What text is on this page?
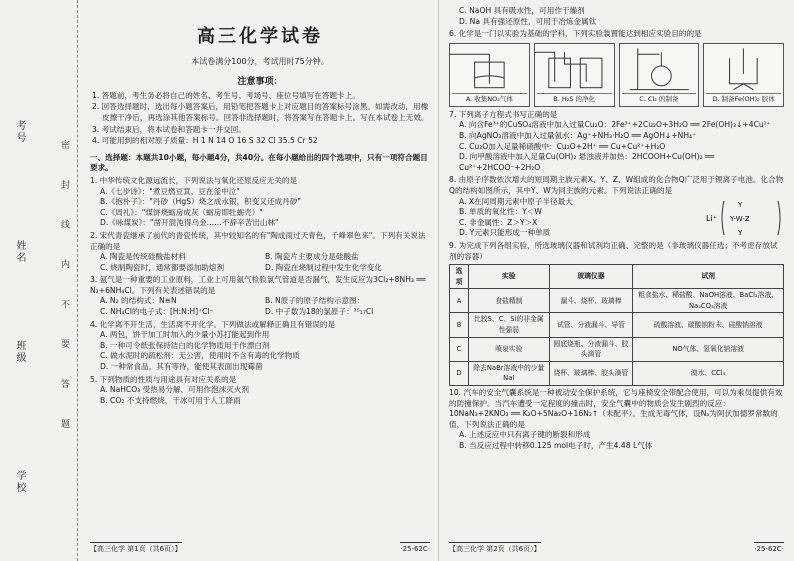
考号
姓名
班级
学校
密 封 线 内 不 要 答 题
高三化学试卷
本试卷满分100分，考试用时75分钟。
注意事项：
1. 答题前，考生务必将自己的姓名、考生号、考场号、座位号填写在答题卡上。
2. 回答选择题时，选出每小题答案后，用铅笔把答题卡上对应题目的答案标号涂黑。如需改动，用橡皮擦干净后，再选涂其他答案标号。回答非选择题时，将答案写在答题卡上。写在本试卷上无效。
3. 考试结束后，将本试卷和答题卡一并交回。
4. 可能用到的相对原子质量：H 1 N 14 O 16 S 32 Cl 35.5 Cr 52
一、选择题：本题共10小题，每小题4分，共40分。在每小题给出的四个选项中，只有一项符合题目要求。
1. 中华传统文化源远流长，下列说法与氧化还原反应无关的是
A.《七步诗》："煮豆燃豆萁，豆在釜中泣"
B.《抱朴子》："丹砂（HgS）烧之成水银，积变又还成丹砂"
C.《周礼》："煤饼烧蛎房成灰（蛎房即牡蛎壳）"
D.《咏煤炭》："凿开混沌得乌金……不辞辛苦出山林"
2. 宋代青瓷继承了前代的青瓷传统，其中较知名的有"陶成雨过天青色，千峰翠色来"。下列有关说法正确的是
A. 陶瓷是传统硅酸盐材料	B. 陶瓷片主要成分是硅酸盐
C. 烧制陶瓷时，通常都要添加助熔剂	D. 陶瓷在烧制过程中发生化学变化
3. 氨气是一种重要的工业原料，工业上可用氨气检验氯气管道是否漏气，发生反应为3Cl₂+8NH₃ ══ N₂+6NH₄Cl。下列有关表述错误的是
A. N₂ 的结构式：N≡N	B. N原子的原子结构示意图：
C. NH₄Cl的电子式：[H:N:H]⁺Cl⁻	D. 中子数为18的氯原子：³⁵₁₇Cl
4. 化学离不开生活，生活离不开化学。下列做法或解释正确且有错误的是
A. 两包，饼干加工时加入的少量小苏打能起到作用
B. 一种可令纸张保持洁白的化学物质用于作漂白剂
C. 做水泥时的疏松剂：无公害，使用时不含有毒的化学物质
D. 一种常食品，其有等待，能使其表面出现霉菌
5. 下列物质的性质与用途具有对应关系的是
A. NaHCO₃ 受热易分解，可用作泡沫灭火剂
B. CO₂ 不支持燃烧，干冰可用于人工降雨
【高三化学 第1页（共6页）】	·25-62C·
C. NaOH 具有吸水性，可用作干燥剂
D. Na 具有强还原性，可用于冶炼金属钛
6. 化学是一门以实验为基础的学科，下列实验装置能达到相应实验目的的是
A. 收集NO₂气体	B. H₂S 的净化	C. Cl₂ 的制备	D. 制备Fe(OH)₂ 胶体
7. 下列离子方程式书写正确的是
A. 向含Fe³⁺的CuSO₄溶液中加入过量Cu₂O：2Fe³⁺+2Cu₂O+3H₂O ══ 2Fe(OH)₃↓+4Cu²⁺
B. 向AgNO₃溶液中加入过量氨水：Ag⁺+NH₃·H₂O ══ AgOH↓+NH₄⁺
C. Cu₂O加入足量稀硝酸中：Cu₂O+2H⁺ ══ Cu+Cu²⁺+H₂O
D. 向甲酸溶液中加入足量Cu(OH)₂ 悬浊液并加热：2HCOOH+Cu(OH)₂ ══ Cu²⁺+2HCOO⁻+2H₂O
8. 由原子序数依次增大的短周期主族元素X、Y、Z、W组成的化合物Q广泛用于锂离子电池。化合物Q的结构如图所示，其中Y、W为同主族的元素。下列说法正确的是
A. X在同周期元素中原子半径最大
B. 单质的氧化性：Y＜W
C. 非金属性：Z＞Y＞X
D. Y元素只能形成一种单质
Li⁺
Y
Y-W-Z
Y
9. 为完成下列各组实验，所选玻璃仪器和试剂均正确、完整的是（非玻璃仪器任选；不考虑存放试剂的容器）
选项	实验	玻璃仪器	试剂
A	食盐精制	漏斗、烧杯、玻璃棒	粗食盐水、稀盐酸、NaOH溶液、BaCl₂溶液、Na₂CO₃溶液
B	比较S、C、Si的非金属性强弱	试管、分液漏斗、导管	硫酸溶液、碳酸钠粉末、硅酸钠溶液
C	喷泉实验	圆底烧瓶、分液漏斗、胶头滴管	NO气体、氢氧化钠溶液
D	除去NaBr溶液中的少量NaI	烧杯、玻璃棒、胶头滴管	溴水、CCl₄
10. 汽车的安全气囊系统是一种被动安全保护系统，它与座椅安全带配合使用，可以为乘员提供有效的防撞保护。当汽车遭受一定程度的撞击时，安全气囊中的物质会发生剧烈的反应：10NaN₃+2KNO₃ ══ K₂O+5Na₂O+16N₂↑（未配平）。生成无毒气体，设Nₐ为阿伏加德罗常数的值，下列说法正确的是
A. 上述反应中只有离子键的断裂和形成
B. 当反应过程中转移0.125 mol电子时，产生4.48 L气体
【高三化学 第2页（共6页）】	·25-62C·
